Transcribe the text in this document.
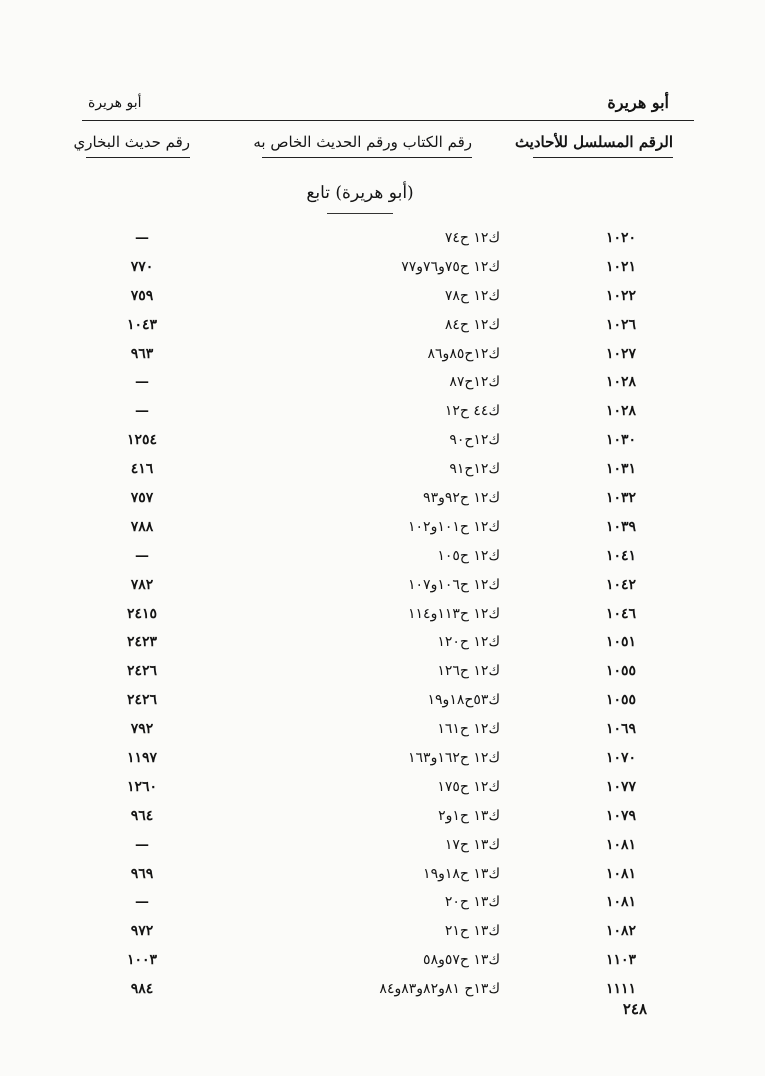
أبو هريرة
أبو هريرة
الرقم المسلسل للأحاديث
رقم الكتاب ورقم الحديث الخاص به
رقم حديث البخاري
(أبو هريرة) تابع
١٠٢٠
ك١٢ ح٧٤
—
١٠٢١
ك١٢ ح٧٥و٧٦و٧٧
٧٧٠
١٠٢٢
ك١٢ ح٧٨
٧٥٩
١٠٢٦
ك١٢ ح٨٤
١٠٤٣
١٠٢٧
ك١٢ح٨٥و٨٦
٩٦٣
١٠٢٨
ك١٢ح٨٧
—
١٠٢٨
ك٤٤ ح١٢
—
١٠٣٠
ك١٢ح٩٠
١٢٥٤
١٠٣١
ك١٢ح٩١
٤١٦
١٠٣٢
ك١٢ ح٩٢و٩٣
٧٥٧
١٠٣٩
ك١٢ ح١٠١و١٠٢
٧٨٨
١٠٤١
ك١٢ ح١٠٥
—
١٠٤٢
ك١٢ ح١٠٦و١٠٧
٧٨٢
١٠٤٦
ك١٢ ح١١٣و١١٤
٢٤١٥
١٠٥١
ك١٢ ح١٢٠
٢٤٢٣
١٠٥٥
ك١٢ ح١٢٦
٢٤٢٦
١٠٥٥
ك٥٣ح١٨و١٩
٢٤٢٦
١٠٦٩
ك١٢ ح١٦١
٧٩٢
١٠٧٠
ك١٢ ح١٦٢و١٦٣
١١٩٧
١٠٧٧
ك١٢ ح١٧٥
١٢٦٠
١٠٧٩
ك١٣ ح١و٢
٩٦٤
١٠٨١
ك١٣ ح١٧
—
١٠٨١
ك١٣ ح١٨و١٩
٩٦٩
١٠٨١
ك١٣ ح٢٠
—
١٠٨٢
ك١٣ ح٢١
٩٧٢
١١٠٣
ك١٣ ح٥٧و٥٨
١٠٠٣
١١١١
ك١٣ح ٨١و٨٢و٨٣و٨٤
٩٨٤
٢٤٨
